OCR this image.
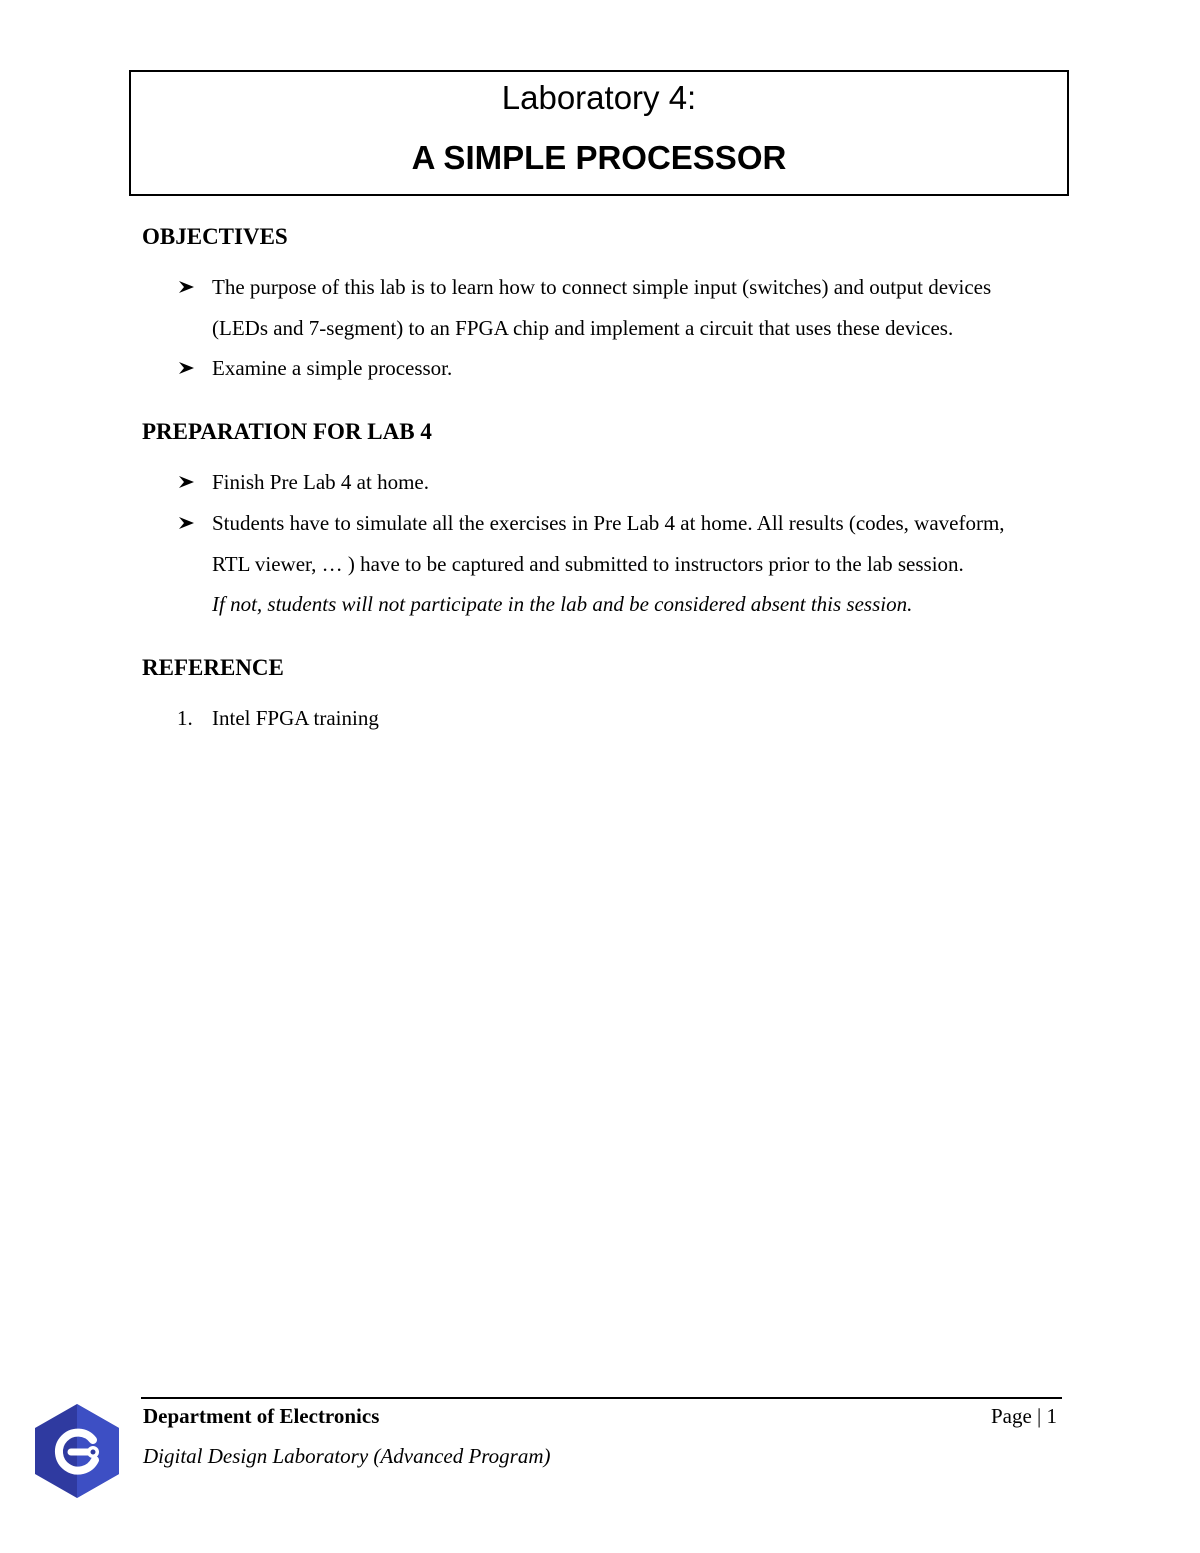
Laboratory 4:
A SIMPLE PROCESSOR
OBJECTIVES
The purpose of this lab is to learn how to connect simple input (switches) and output devices
(LEDs and 7-segment) to an FPGA chip and implement a circuit that uses these devices.
Examine a simple processor.
PREPARATION FOR LAB 4
Finish Pre Lab 4 at home.
Students have to simulate all the exercises in Pre Lab 4 at home. All results (codes, waveform,
RTL viewer, … ) have to be captured and submitted to instructors prior to the lab session.
If not, students will not participate in the lab and be considered absent this session.
REFERENCE
1. Intel FPGA training
Department of Electronics
Digital Design Laboratory (Advanced Program)
Page | 1
